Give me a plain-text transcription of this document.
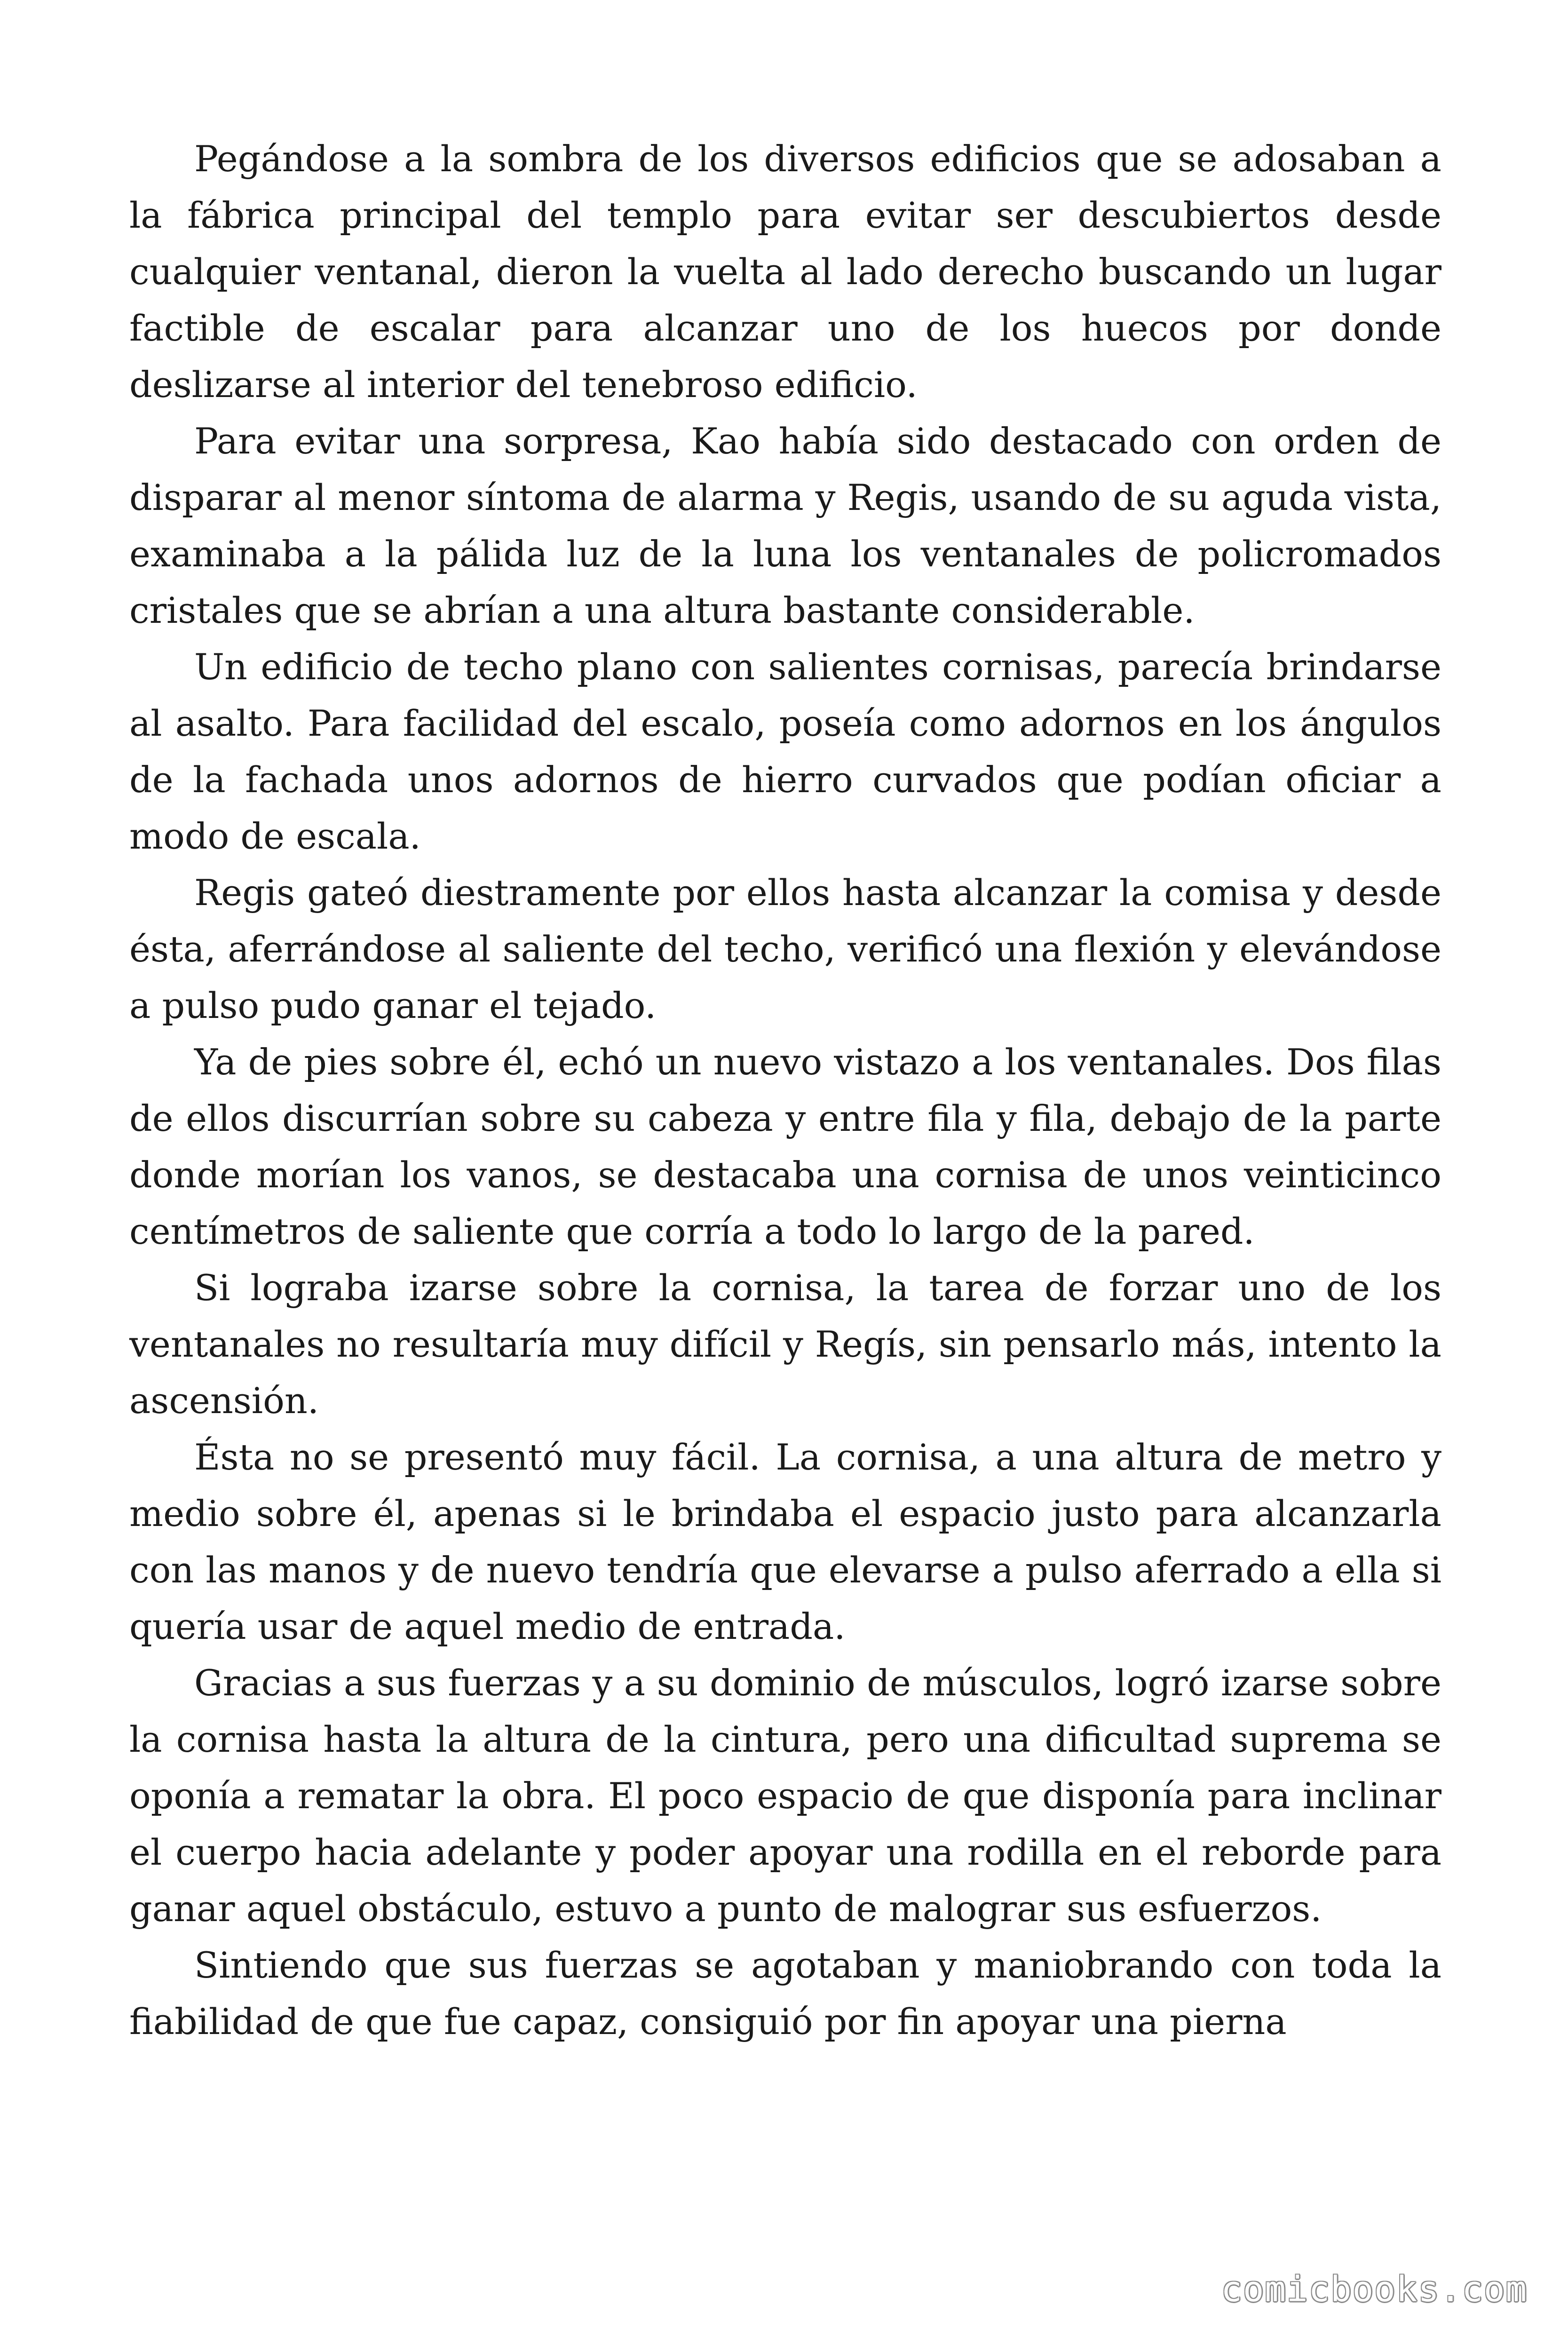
Pegándose a la sombra de los diversos edificios que se adosaban a la fábrica principal del templo para evitar ser descubiertos desde cualquier ventanal, dieron la vuelta al lado derecho buscando un lugar factible de escalar para alcanzar uno de los huecos por donde deslizarse al interior del tenebroso edificio.

Para evitar una sorpresa, Kao había sido destacado con orden de disparar al menor síntoma de alarma y Regis, usando de su aguda vista, examinaba a la pálida luz de la luna los ventanales de policromados cristales que se abrían a una altura bastante considerable.

Un edificio de techo plano con salientes cornisas, parecía brindarse al asalto. Para facilidad del escalo, poseía como adornos en los ángulos de la fachada unos adornos de hierro curvados que podían oficiar a modo de escala.

Regis gateó diestramente por ellos hasta alcanzar la comisa y desde ésta, aferrándose al saliente del techo, verificó una flexión y elevándose a pulso pudo ganar el tejado.

Ya de pies sobre él, echó un nuevo vistazo a los ventanales. Dos filas de ellos discurrían sobre su cabeza y entre fila y fila, debajo de la parte donde morían los vanos, se destacaba una cornisa de unos veinticinco centímetros de saliente que corría a todo lo largo de la pared.

Si lograba izarse sobre la cornisa, la tarea de forzar uno de los ventanales no resultaría muy difícil y Regís, sin pensarlo más, intento la ascensión.

Ésta no se presentó muy fácil. La cornisa, a una altura de metro y medio sobre él, apenas si le brindaba el espacio justo para alcanzarla con las manos y de nuevo tendría que elevarse a pulso aferrado a ella si quería usar de aquel medio de entrada.

Gracias a sus fuerzas y a su dominio de músculos, logró izarse sobre la cornisa hasta la altura de la cintura, pero una dificultad suprema se oponía a rematar la obra. El poco espacio de que disponía para inclinar el cuerpo hacia adelante y poder apoyar una rodilla en el reborde para ganar aquel obstáculo, estuvo a punto de malograr sus esfuerzos.

Sintiendo que sus fuerzas se agotaban y maniobrando con toda la fiabilidad de que fue capaz, consiguió por fin apoyar una pierna

comicbooks.com
